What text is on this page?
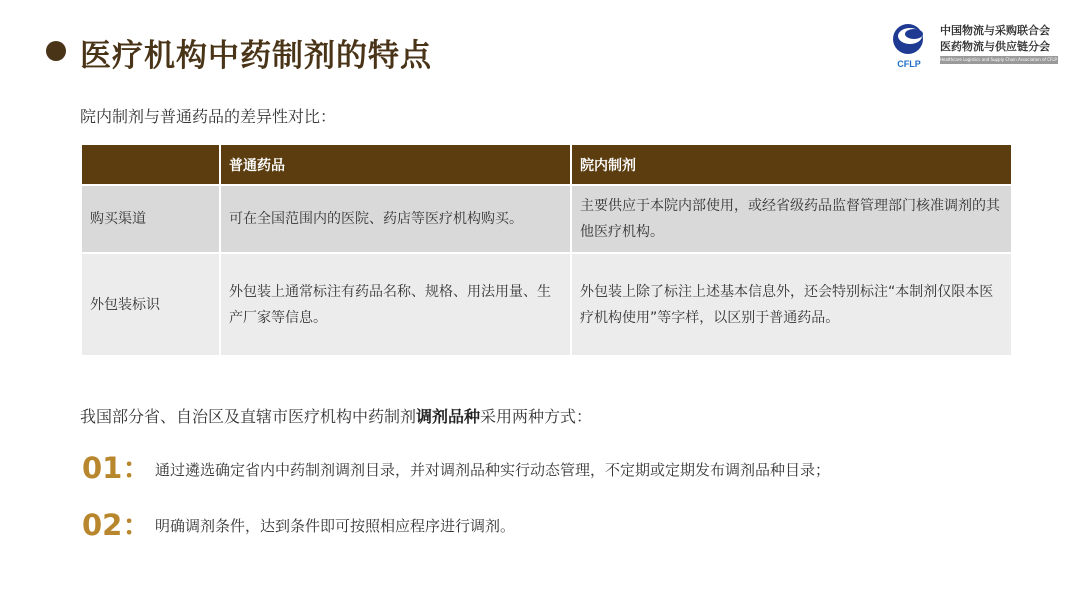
医疗机构中药制剂的特点	CFLP
中国物流与采购联合会
医药物流与供应链分会
Healthcare Logistics and Supply Chain Association of CFLP
院内制剂与普通药品的差异性对比：
	普通药品	院内制剂
购买渠道	可在全国范围内的医院、药店等医疗机构购买。	主要供应于本院内部使用，或经省级药品监督管理部门核准调剂的其他医疗机构。
外包装标识	外包装上通常标注有药品名称、规格、用法用量、生产厂家等信息。	外包装上除了标注上述基本信息外，还会特别标注“本制剂仅限本医疗机构使用”等字样，以区别于普通药品。
我国部分省、自治区及直辖市医疗机构中药制剂调剂品种采用两种方式：
01： 通过遴选确定省内中药制剂调剂目录，并对调剂品种实行动态管理，不定期或定期发布调剂品种目录；
02： 明确调剂条件，达到条件即可按照相应程序进行调剂。
